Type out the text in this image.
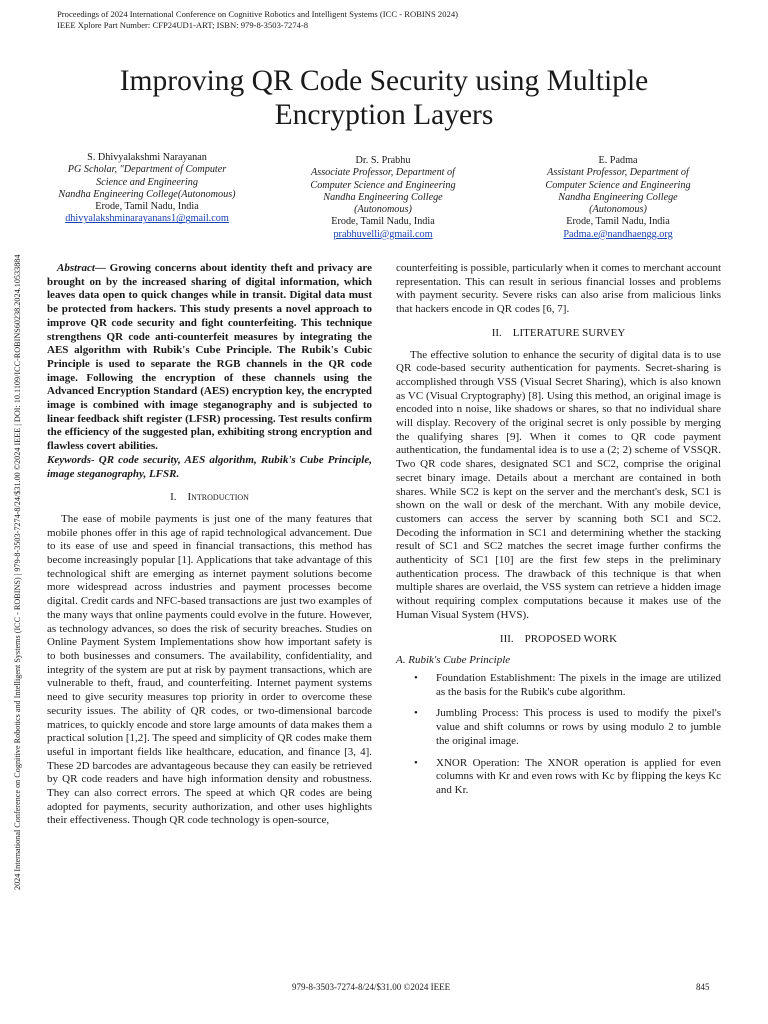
Proceedings of 2024 International Conference on Cognitive Robotics and Intelligent Systems (ICC - ROBINS 2024)
IEEE Xplore Part Number: CFP24UD1-ART; ISBN: 979-8-3503-7274-8
2024 International Conference on Cognitive Robotics and Intelligent Systems (ICC - ROBINS) | 979-8-3503-7274-8/24/$31.00 ©2024 IEEE | DOI: 10.1109/ICC-ROBINS60238.2024.10533884
Improving QR Code Security using Multiple Encryption Layers
S. Dhivyalakshmi Narayanan
PG Scholar, "Department of Computer
Science and Engineering
Nandha Engineering College(Autonomous)
Erode, Tamil Nadu, India
dhivyalakshminarayanans1@gmail.com
Dr. S. Prabhu
Associate Professor, Department of
Computer Science and Engineering
Nandha Engineering College
(Autonomous)
Erode, Tamil Nadu, India
prabhuvelli@gmail.com
E. Padma
Assistant Professor, Department of
Computer Science and Engineering
Nandha Engineering College
(Autonomous)
Erode, Tamil Nadu, India
Padma.e@nandhaengg.org

Abstract— Growing concerns about identity theft and privacy are brought on by the increased sharing of digital information, which leaves data open to quick changes while in transit. Digital data must be protected from hackers. This study presents a novel approach to improve QR code security and fight counterfeiting. This technique strengthens QR code anti-counterfeit measures by integrating the AES algorithm with Rubik's Cube Principle. The Rubik's Cubic Principle is used to separate the RGB channels in the QR code image. Following the encryption of these channels using the Advanced Encryption Standard (AES) encryption key, the encrypted image is combined with image steganography and is subjected to linear feedback shift register (LFSR) processing. Test results confirm the efficiency of the suggested plan, exhibiting strong encryption and flawless covert abilities.

Keywords- QR code security, AES algorithm, Rubik's Cube Principle, image steganography, LFSR.

I. Introduction

The ease of mobile payments is just one of the many features that mobile phones offer in this age of rapid technological advancement. Due to its ease of use and speed in financial transactions, this method has become increasingly popular [1]. Applications that take advantage of this technological shift are emerging as internet payment solutions become more widespread across industries and payment processes become digital. Credit cards and NFC-based transactions are just two examples of the many ways that online payments could evolve in the future. However, as technology advances, so does the risk of security breaches. Studies on Online Payment System Implementations show how important safety is to both businesses and consumers. The availability, confidentiality, and integrity of the system are put at risk by payment transactions, which are vulnerable to theft, fraud, and counterfeiting. Internet payment systems need to give security measures top priority in order to overcome these security issues. The ability of QR codes, or two-dimensional barcode matrices, to quickly encode and store large amounts of data makes them a practical solution [1,2]. The speed and simplicity of QR codes make them useful in important fields like healthcare, education, and finance [3, 4]. These 2D barcodes are advantageous because they can easily be retrieved by QR code readers and have high information density and robustness. They can also correct errors. The speed at which QR codes are being adopted for payments, security authorization, and other uses highlights their effectiveness. Though QR code technology is open-source,

counterfeiting is possible, particularly when it comes to merchant account representation. This can result in serious financial losses and problems with payment security. Severe risks can also arise from malicious links that hackers encode in QR codes [6, 7].

II. LITERATURE SURVEY

The effective solution to enhance the security of digital data is to use QR code-based security authentication for payments. Secret-sharing is accomplished through VSS (Visual Secret Sharing), which is also known as VC (Visual Cryptography) [8]. Using this method, an original image is encoded into n noise, like shadows or shares, so that no individual share will display. Recovery of the original secret is only possible by merging the qualifying shares [9]. When it comes to QR code payment authentication, the fundamental idea is to use a (2; 2) scheme of VSSQR. Two QR code shares, designated SC1 and SC2, comprise the original secret binary image. Details about a merchant are contained in both shares. While SC2 is kept on the server and the merchant's desk, SC1 is shown on the wall or desk of the merchant. With any mobile device, customers can access the server by scanning both SC1 and SC2. Decoding the information in SC1 and determining whether the stacking result of SC1 and SC2 matches the secret image further confirms the authenticity of SC1 [10] are the first few steps in the preliminary authentication process. The drawback of this technique is that when multiple shares are overlaid, the VSS system can retrieve a hidden image without requiring complex computations because it makes use of the Human Visual System (HVS).

III. PROPOSED WORK
A. Rubik's Cube Principle
• Foundation Establishment: The pixels in the image are utilized as the basis for the Rubik's cube algorithm.
• Jumbling Process: This process is used to modify the pixel's value and shift columns or rows by using modulo 2 to jumble the original image.
• XNOR Operation: The XNOR operation is applied for even columns with Kr and even rows with Kc by flipping the keys Kc and Kr.
979-8-3503-7274-8/24/$31.00 ©2024 IEEE	845
